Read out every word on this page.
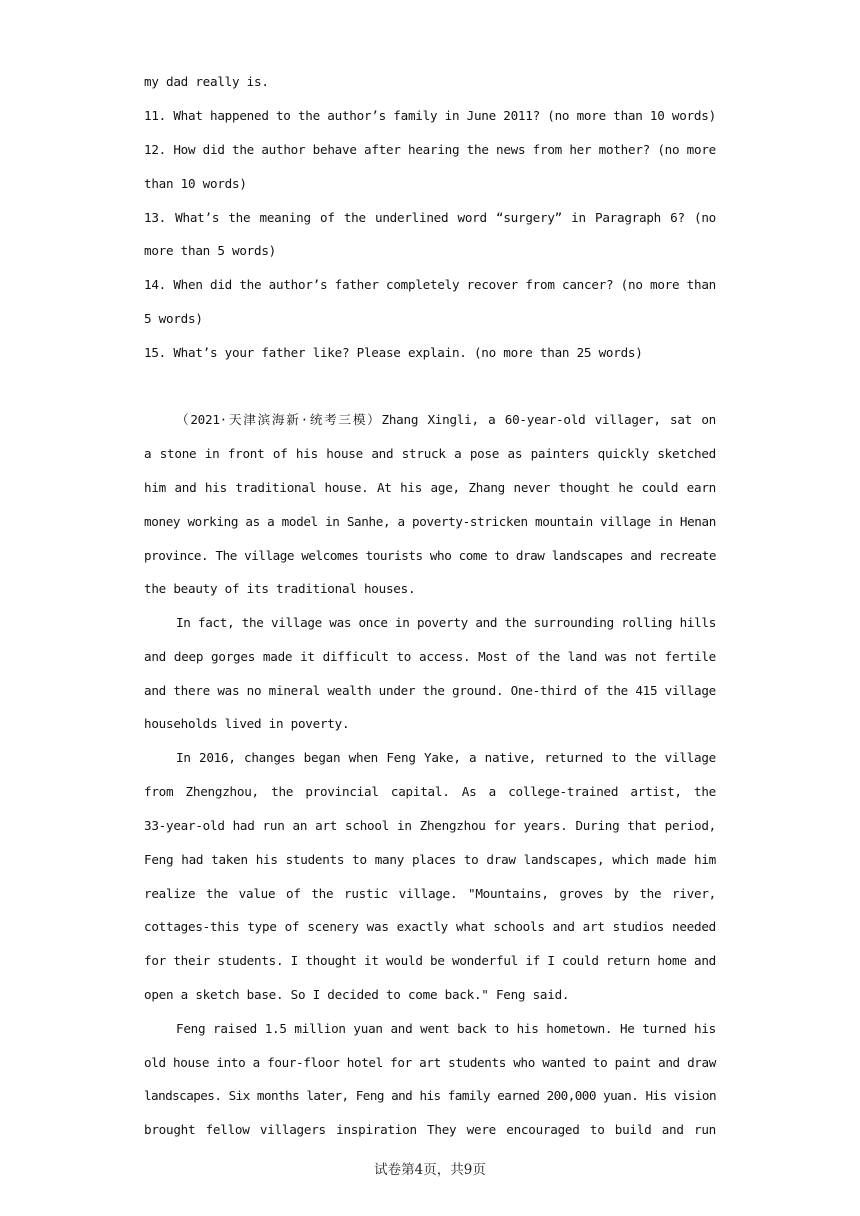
my dad really is.
11. What happened to the author’s family in June 2011? (no more than 10 words)
12. How did the author behave after hearing the news from her mother? (no more
than 10 words)
13. What’s the meaning of the underlined word “surgery” in Paragraph 6? (no
more than 5 words)
14. When did the author’s father completely recover from cancer? (no more than
5 words)
15. What’s your father like? Please explain. (no more than 25 words)
（2021·天津滨海新·统考三模）Zhang Xingli, a 60-year-old villager, sat on
a stone in front of his house and struck a pose as painters quickly sketched
him and his traditional house. At his age, Zhang never thought he could earn
money working as a model in Sanhe, a poverty-stricken mountain village in Henan
province. The village welcomes tourists who come to draw landscapes and recreate
the beauty of its traditional houses.
In fact, the village was once in poverty and the surrounding rolling hills
and deep gorges made it difficult to access. Most of the land was not fertile
and there was no mineral wealth under the ground. One-third of the 415 village
households lived in poverty.
In 2016, changes began when Feng Yake, a native, returned to the village
from Zhengzhou, the provincial capital. As a college-trained artist, the
33-year-old had run an art school in Zhengzhou for years. During that period,
Feng had taken his students to many places to draw landscapes, which made him
realize the value of the rustic village. "Mountains, groves by the river,
cottages-this type of scenery was exactly what schools and art studios needed
for their students. I thought it would be wonderful if I could return home and
open a sketch base. So I decided to come back." Feng said.
Feng raised 1.5 million yuan and went back to his hometown. He turned his
old house into a four-floor hotel for art students who wanted to paint and draw
landscapes. Six months later, Feng and his family earned 200,000 yuan. His vision
brought fellow villagers inspiration They were encouraged to build and run
试卷第4页，共9页
